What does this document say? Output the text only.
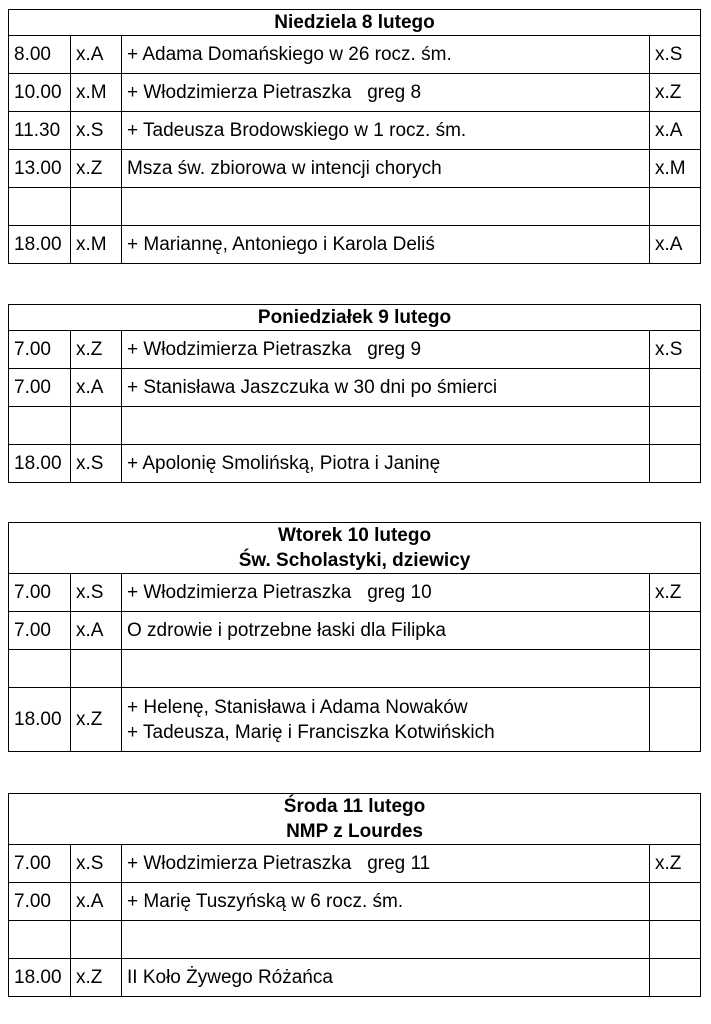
Niedziela 8 lutego			

8.00	x.A	+ Adama Domańskiego w 26 rocz. śm.	x.S
10.00	x.M	+ Włodzimierza Pietraszka   greg 8	x.Z
11.30	x.S	+ Tadeusza Brodowskiego w 1 rocz. śm.	x.A
13.00	x.Z	Msza św. zbiorowa w intencji chorych	x.M

18.00	x.M	+ Mariannę, Antoniego i Karola Deliś	x.A
Poniedziałek 9 lutego			

7.00	x.Z	+ Włodzimierza Pietraszka   greg 9	x.S
7.00	x.A	+ Stanisława Jaszczuka w 30 dni po śmierci	

18.00	x.S	+ Apolonię Smolińską, Piotra i Janinę	

Wtorek 10 lutego
Św. Scholastyki, dziewicy			

7.00	x.S	+ Włodzimierza Pietraszka   greg 10	x.Z
7.00	x.A	O zdrowie i potrzebne łaski dla Filipka	

18.00	x.Z	+ Helenę, Stanisława i Adama Nowaków
+ Tadeusza, Marię i Franciszka Kotwińskich	

Środa 11 lutego
NMP z Lourdes			

7.00	x.S	+ Włodzimierza Pietraszka   greg 11	x.Z
7.00	x.A	+ Marię Tuszyńską w 6 rocz. śm.	

18.00	x.Z	II Koło Żywego Różańca	
